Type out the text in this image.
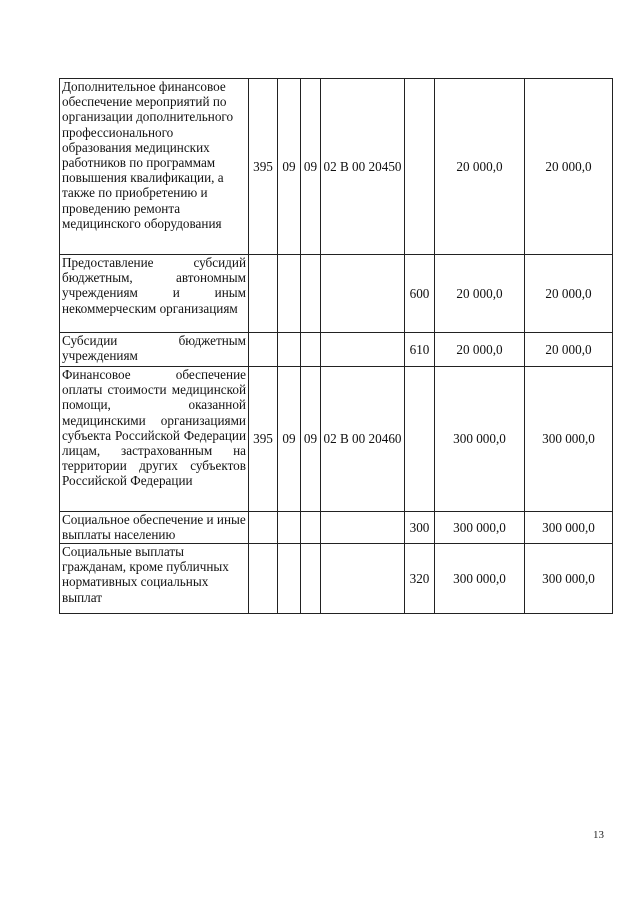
Дополнительное финансовое обеспечение мероприятий по организации дополнительного профессионального образования медицинских работников по программам повышения квалификации, а также по приобретению и проведению ремонта медицинского оборудования	395	09	09	02 В 00 20450		20 000,0	20 000,0
Предоставление субсидий бюджетным, автономным учреждениям и иным некоммерческим организациям					600	20 000,0	20 000,0
Субсидии бюджетным учреждениям					610	20 000,0	20 000,0
Финансовое обеспечение оплаты стоимости медицинской помощи, оказанной медицинскими организациями субъекта Российской Федерации лицам, застрахованным на территории других субъектов Российской Федерации	395	09	09	02 В 00 20460		300 000,0	300 000,0
Социальное обеспечение и иные выплаты населению					300	300 000,0	300 000,0
Социальные выплаты гражданам, кроме публичных нормативных социальных выплат					320	300 000,0	300 000,0
13
